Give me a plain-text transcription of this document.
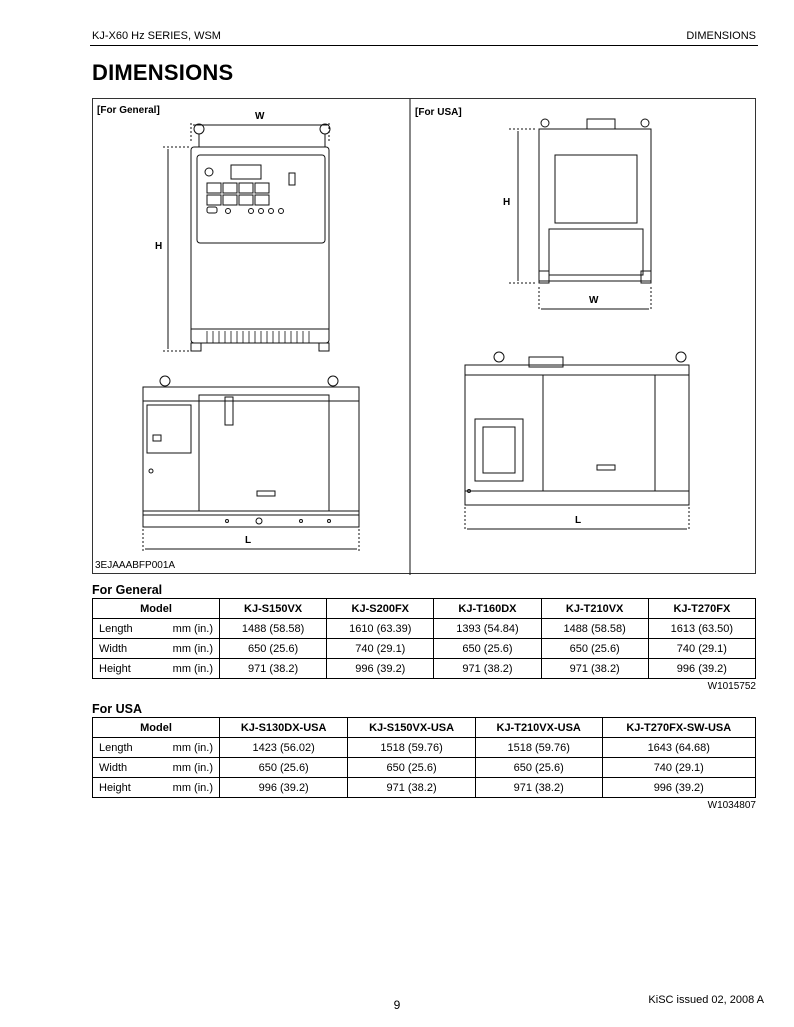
KJ-X60 Hz SERIES, WSM	DIMENSIONS
DIMENSIONS
[For General]	[For USA]
W
H
L
H
W
L
3EJAAABFP001A
For General
Model	KJ-S150VX	KJ-S200FX	KJ-T160DX	KJ-T210VX	KJ-T270FX

Length mm (in.)	1488 (58.58)	1610 (63.39)	1393 (54.84)	1488 (58.58)	1613 (63.50)

Width mm (in.)	650 (25.6)	740 (29.1)	650 (25.6)	650 (25.6)	740 (29.1)

Height mm (in.)	971 (38.2)	996 (39.2)	971 (38.2)	971 (38.2)	996 (39.2)
W1015752
For USA
Model	KJ-S130DX-USA	KJ-S150VX-USA	KJ-T210VX-USA	KJ-T270FX-SW-USA

Length mm (in.)	1423 (56.02)	1518 (59.76)	1518 (59.76)	1643 (64.68)

Width mm (in.)	650 (25.6)	650 (25.6)	650 (25.6)	740 (29.1)

Height mm (in.)	996 (39.2)	971 (38.2)	971 (38.2)	996 (39.2)
W1034807
9	KiSC issued 02, 2008 A
